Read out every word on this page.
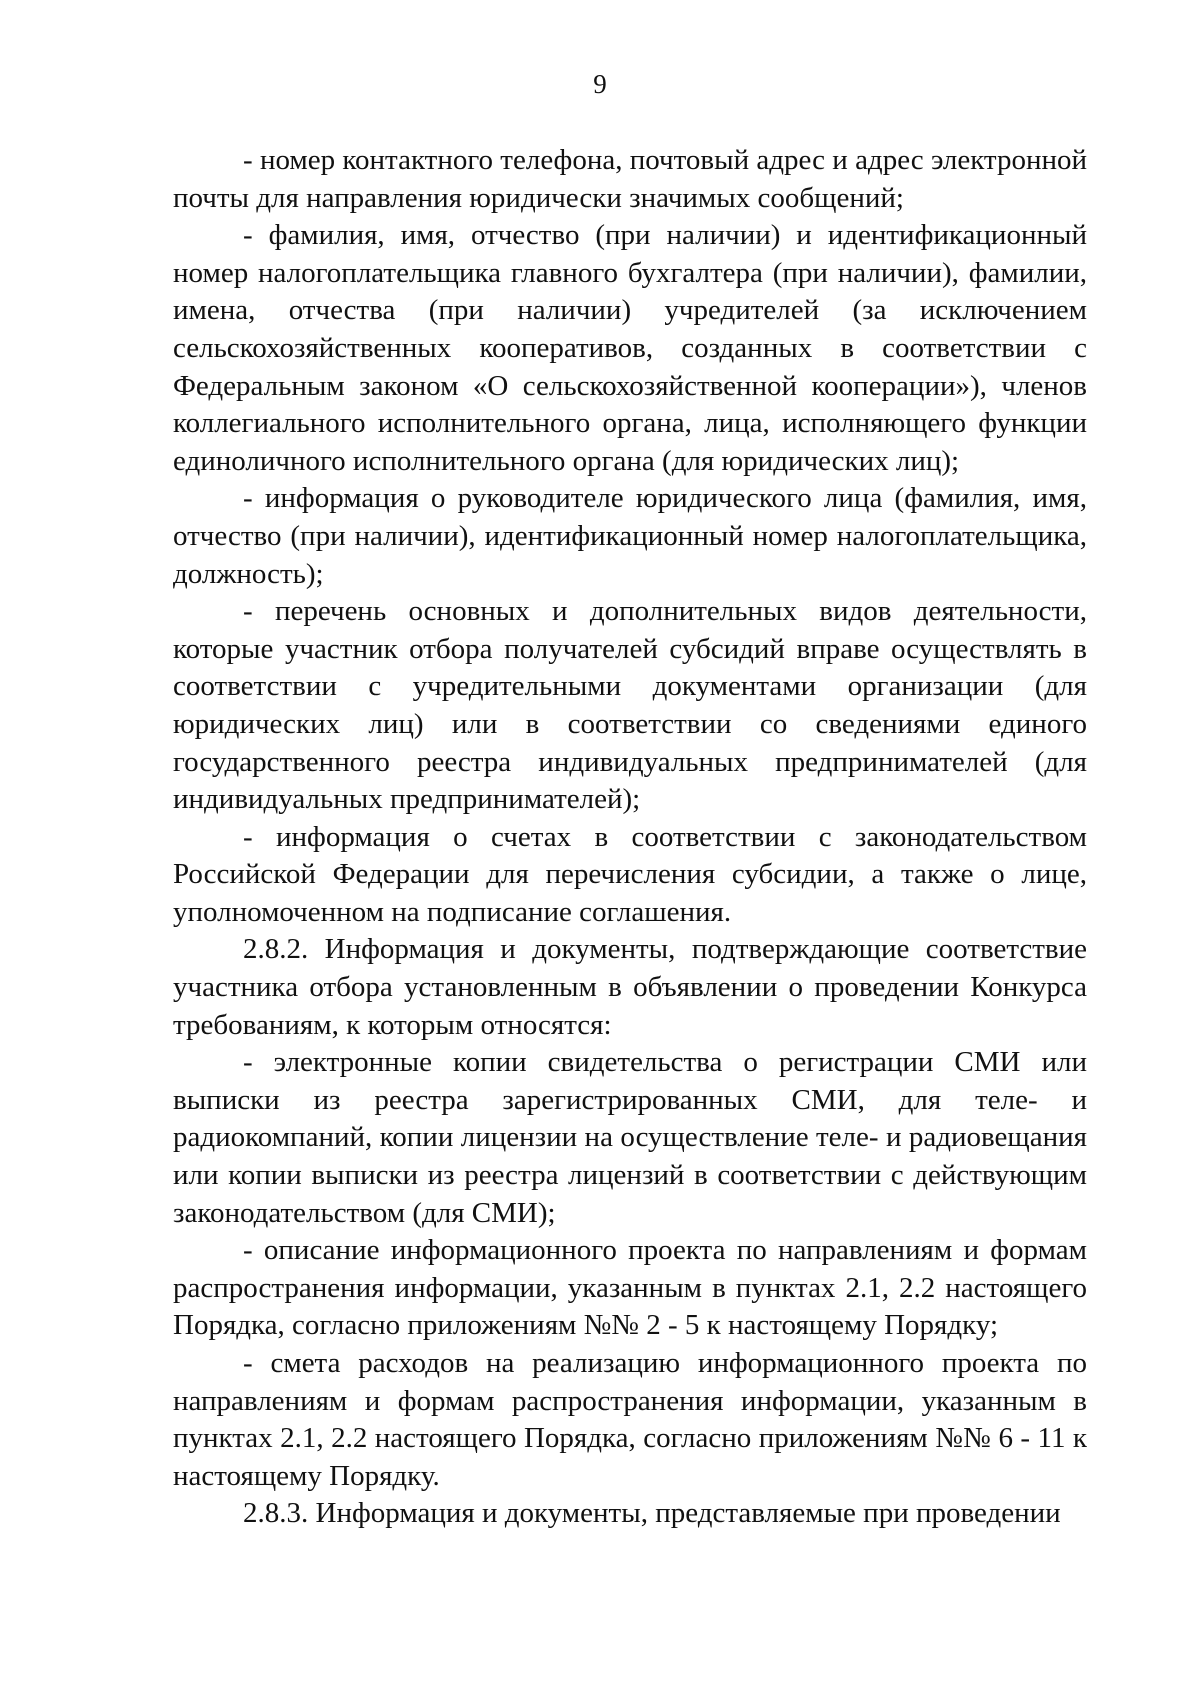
9

- номер контактного телефона, почтовый адрес и адрес электронной почты для направления юридически значимых сообщений;

- фамилия, имя, отчество (при наличии) и идентификационный номер налогоплательщика главного бухгалтера (при наличии), фамилии, имена, отчества (при наличии) учредителей (за исключением сельскохозяйственных кооперативов, созданных в соответствии с Федеральным законом «О сельскохозяйственной кооперации»), членов коллегиального исполнительного органа, лица, исполняющего функции единоличного исполнительного органа (для юридических лиц);

- информация о руководителе юридического лица (фамилия, имя, отчество (при наличии), идентификационный номер налогоплательщика, должность);

- перечень основных и дополнительных видов деятельности, которые участник отбора получателей субсидий вправе осуществлять в соответствии с учредительными документами организации (для юридических лиц) или в соответствии со сведениями единого государственного реестра индивидуальных предпринимателей (для индивидуальных предпринимателей);

- информация о счетах в соответствии с законодательством Российской Федерации для перечисления субсидии, а также о лице, уполномоченном на подписание соглашения.

2.8.2. Информация и документы, подтверждающие соответствие участника отбора установленным в объявлении о проведении Конкурса требованиям, к которым относятся:

- электронные копии свидетельства о регистрации СМИ или выписки из реестра зарегистрированных СМИ, для теле- и радиокомпаний, копии лицензии на осуществление теле- и радиовещания или копии выписки из реестра лицензий в соответствии с действующим законодательством (для СМИ);

- описание информационного проекта по направлениям и формам распространения информации, указанным в пунктах 2.1, 2.2 настоящего Порядка, согласно приложениям №№ 2 - 5 к настоящему Порядку;

- смета расходов на реализацию информационного проекта по направлениям и формам распространения информации, указанным в пунктах 2.1, 2.2 настоящего Порядка, согласно приложениям №№ 6 - 11 к настоящему Порядку.

2.8.3. Информация и документы, представляемые при проведении
